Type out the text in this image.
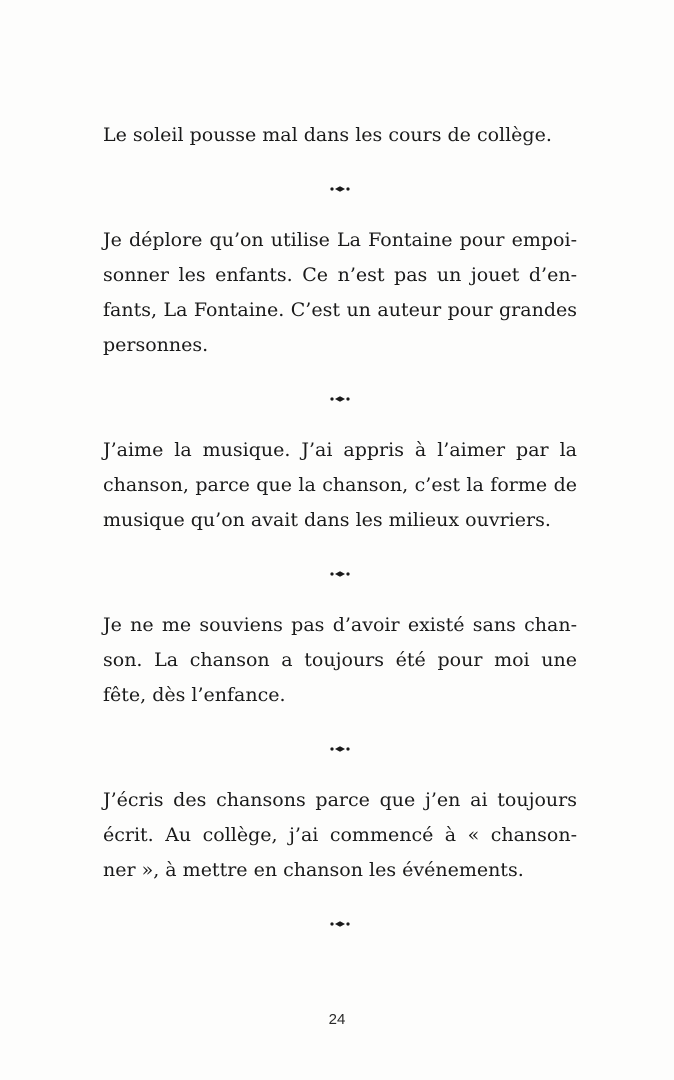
Le soleil pousse mal dans les cours de collège.

Je déplore qu’on utilise La Fontaine pour empoi-
sonner les enfants. Ce n’est pas un jouet d’en-
fants, La Fontaine. C’est un auteur pour grandes
personnes.

J’aime la musique. J’ai appris à l’aimer par la
chanson, parce que la chanson, c’est la forme de
musique qu’on avait dans les milieux ouvriers.

Je ne me souviens pas d’avoir existé sans chan-
son. La chanson a toujours été pour moi une
fête, dès l’enfance.

J’écris des chansons parce que j’en ai toujours
écrit. Au collège, j’ai commencé à « chanson-
ner », à mettre en chanson les événements.

24
